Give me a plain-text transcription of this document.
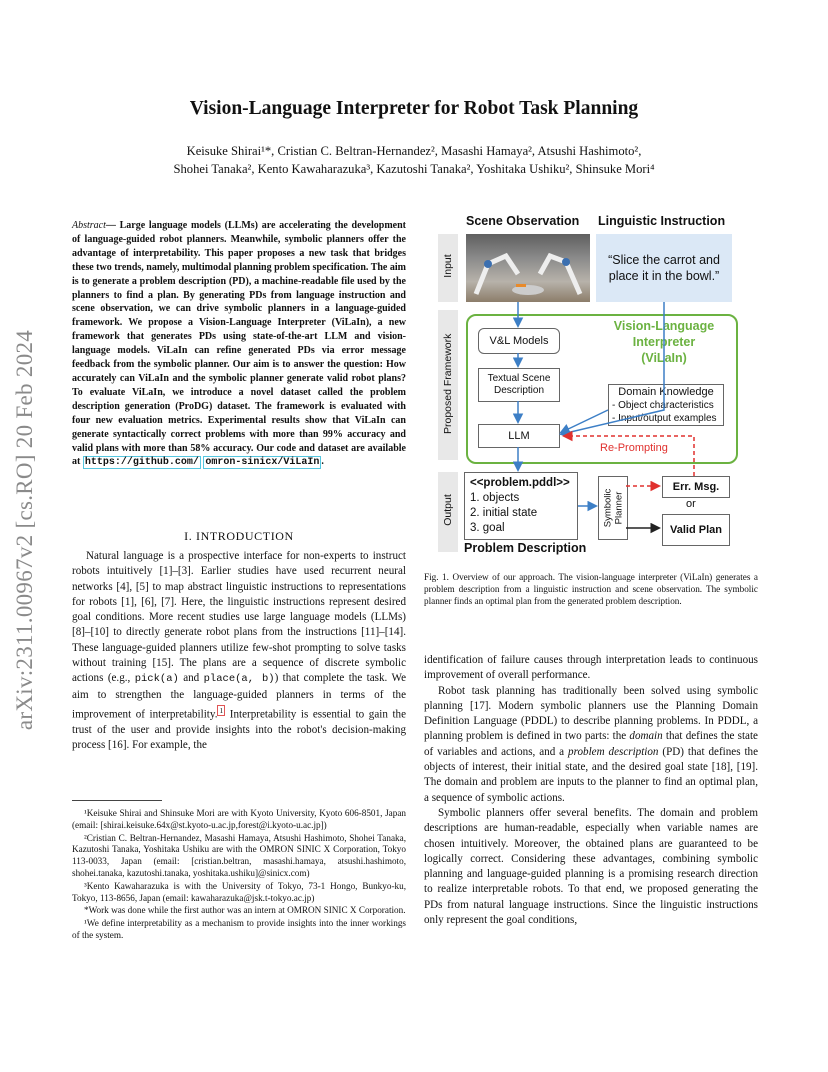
arXiv:2311.00967v2 [cs.RO] 20 Feb 2024
Vision-Language Interpreter for Robot Task Planning
Keisuke Shirai¹*, Cristian C. Beltran-Hernandez², Masashi Hamaya², Atsushi Hashimoto²,
Shohei Tanaka², Kento Kawaharazuka³, Kazutoshi Tanaka², Yoshitaka Ushiku², Shinsuke Mori⁴
Abstract— Large language models (LLMs) are accelerating the development of language-guided robot planners. Meanwhile, symbolic planners offer the advantage of interpretability. This paper proposes a new task that bridges these two trends, namely, multimodal planning problem specification. The aim is to generate a problem description (PD), a machine-readable file used by the planners to find a plan. By generating PDs from language instruction and scene observation, we can drive symbolic planners in a language-guided framework. We propose a Vision-Language Interpreter (ViLaIn), a new framework that generates PDs using state-of-the-art LLM and vision-language models. ViLaIn can refine generated PDs via error message feedback from the symbolic planner. Our aim is to answer the question: How accurately can ViLaIn and the symbolic planner generate valid robot plans? To evaluate ViLaIn, we introduce a novel dataset called the problem description generation (ProDG) dataset. The framework is evaluated with four new evaluation metrics. Experimental results show that ViLaIn can generate syntactically correct problems with more than 99% accuracy and valid plans with more than 58% accuracy. Our code and dataset are available at https://github.com/ omron-sinicx/ViLaIn .
I. INTRODUCTION

Natural language is a prospective interface for non-experts to instruct robots intuitively [1]–[3]. Earlier studies have used recurrent neural networks [4], [5] to map abstract linguistic instructions to representations for robots [1], [6], [7]. Here, the linguistic instructions represent desired goal conditions. More recent studies use large language models (LLMs) [8]–[10] to directly generate robot plans from the instructions [11]–[14]. These language-guided planners utilize few-shot prompting to solve tasks without training [15]. The plans are a sequence of discrete symbolic actions (e.g., pick(a) and place(a, b)) that complete the task. We aim to strengthen the language-guided planners in terms of the improvement of interpretability. $^1$ Interpretability is essential to gain the trust of the user and provide insights into the robot's decision-making process [16]. For example, the

¹Keisuke Shirai and Shinsuke Mori are with Kyoto University, Kyoto 606-8501, Japan (email: [shirai.keisuke.64x@st.kyoto-u.ac.jp,forest@i.kyoto-u.ac.jp])

²Cristian C. Beltran-Hernandez, Masashi Hamaya, Atsushi Hashimoto, Shohei Tanaka, Kazutoshi Tanaka, Yoshitaka Ushiku are with the OMRON SINIC X Corporation, Tokyo 113-0033, Japan (email: [cristian.beltran, masashi.hamaya, atsushi.hashimoto, shohei.tanaka, kazutoshi.tanaka, yoshitaka.ushiku]@sinicx.com)

³Kento Kawaharazuka is with the University of Tokyo, 73-1 Hongo, Bunkyo-ku, Tokyo, 113-8656, Japan (email: kawaharazuka@jsk.t-tokyo.ac.jp)

*Work was done while the first author was an intern at OMRON SINIC X Corporation.

¹We define interpretability as a mechanism to provide insights into the inner workings of the system.

Scene Observation Linguistic Instruction
Input
Proposed Framework
Output
“Slice the carrot and place it in the bowl.”
Vision-Language
Interpreter
(ViLaIn)
V&L Models
Textual Scene Description
LLM
Domain Knowledge
- Object characteristics
- Input/output examples
Re-Prompting
<<problem.pddl>>
1. objects
2. initial state
3. goal
Problem Description
Symbolic Planner
Err. Msg.
or
Valid Plan
Fig. 1. Overview of our approach. The vision-language interpreter (ViLaIn) generates a problem description from a linguistic instruction and scene observation. The symbolic planner finds an optimal plan from the generated problem description.

identification of failure causes through interpretation leads to continuous improvement of overall performance.

Robot task planning has traditionally been solved using symbolic planning [17]. Modern symbolic planners use the Planning Domain Definition Language (PDDL) to describe planning problems. In PDDL, a planning problem is defined in two parts: the domain that defines the state of variables and actions, and a problem description (PD) that defines the objects of interest, their initial state, and the desired goal state [18], [19]. The domain and problem are inputs to the planner to find an optimal plan, a sequence of symbolic actions.

Symbolic planners offer several benefits. The domain and problem descriptions are human-readable, especially when variable names are chosen intuitively. Moreover, the obtained plans are guaranteed to be logically correct. Considering these advantages, combining symbolic planning and language-guided planning is a promising research direction to realize interpretable robots. To that end, we proposed generating the PDs from natural language instructions. Since the linguistic instructions only represent the goal conditions,
